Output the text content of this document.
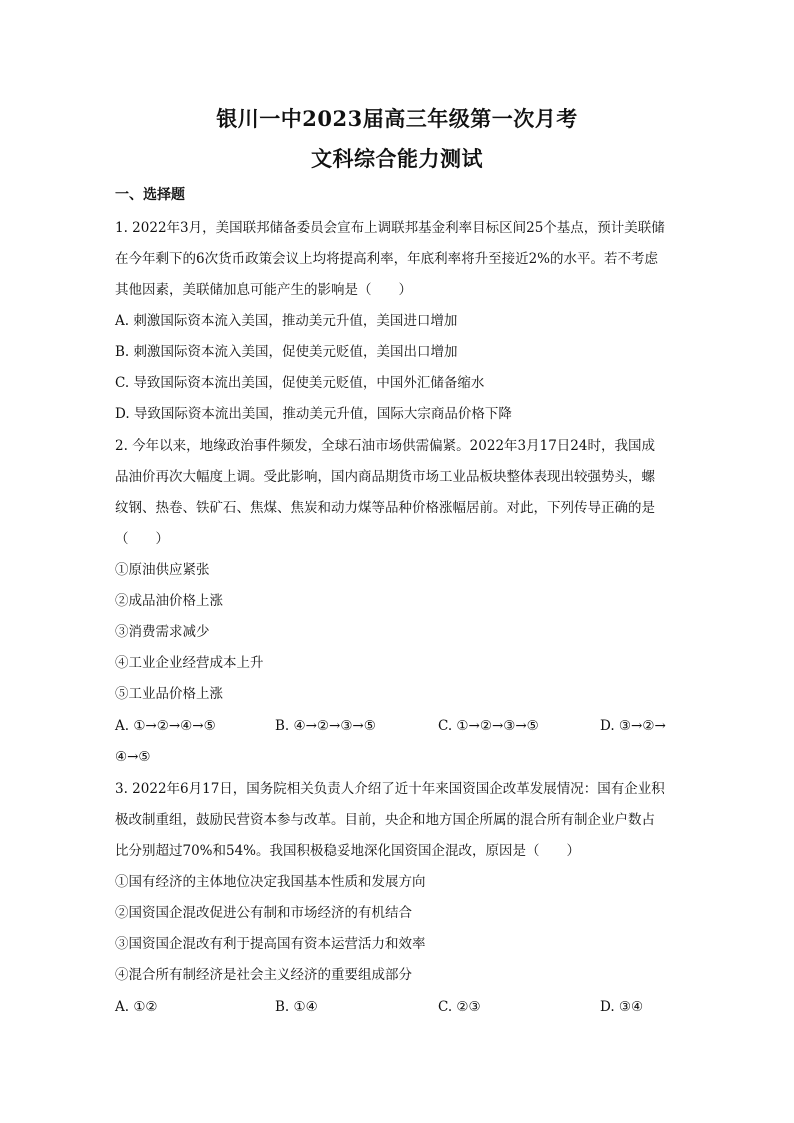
银川一中2023届高三年级第一次月考
文科综合能力测试
一、选择题
1. 2022年3月，美国联邦储备委员会宣布上调联邦基金利率目标区间25个基点，预计美联储
在今年剩下的6次货币政策会议上均将提高利率，年底利率将升至接近2%的水平。若不考虑
其他因素，美联储加息可能产生的影响是（　　）
A. 刺激国际资本流入美国，推动美元升值，美国进口增加
B. 刺激国际资本流入美国，促使美元贬值，美国出口增加
C. 导致国际资本流出美国，促使美元贬值，中国外汇储备缩水
D. 导致国际资本流出美国，推动美元升值，国际大宗商品价格下降
2. 今年以来，地缘政治事件频发，全球石油市场供需偏紧。2022年3月17日24时，我国成
品油价再次大幅度上调。受此影响，国内商品期货市场工业品板块整体表现出较强势头，螺
纹钢、热卷、铁矿石、焦煤、焦炭和动力煤等品种价格涨幅居前。对此，下列传导正确的是
（　　）
①原油供应紧张
②成品油价格上涨
③消费需求减少
④工业企业经营成本上升
⑤工业品价格上涨
A. ①→②→④→⑤	B. ④→②→③→⑤	C. ①→②→③→⑤	D. ③→②→
④→⑤
3. 2022年6月17日，国务院相关负责人介绍了近十年来国资国企改革发展情况：国有企业积
极改制重组，鼓励民营资本参与改革。目前，央企和地方国企所属的混合所有制企业户数占
比分别超过70%和54%。我国积极稳妥地深化国资国企混改，原因是（　　）
①国有经济的主体地位决定我国基本性质和发展方向
②国资国企混改促进公有制和市场经济的有机结合
③国资国企混改有利于提高国有资本运营活力和效率
④混合所有制经济是社会主义经济的重要组成部分
A. ①②	B. ①④	C. ②③	D. ③④
